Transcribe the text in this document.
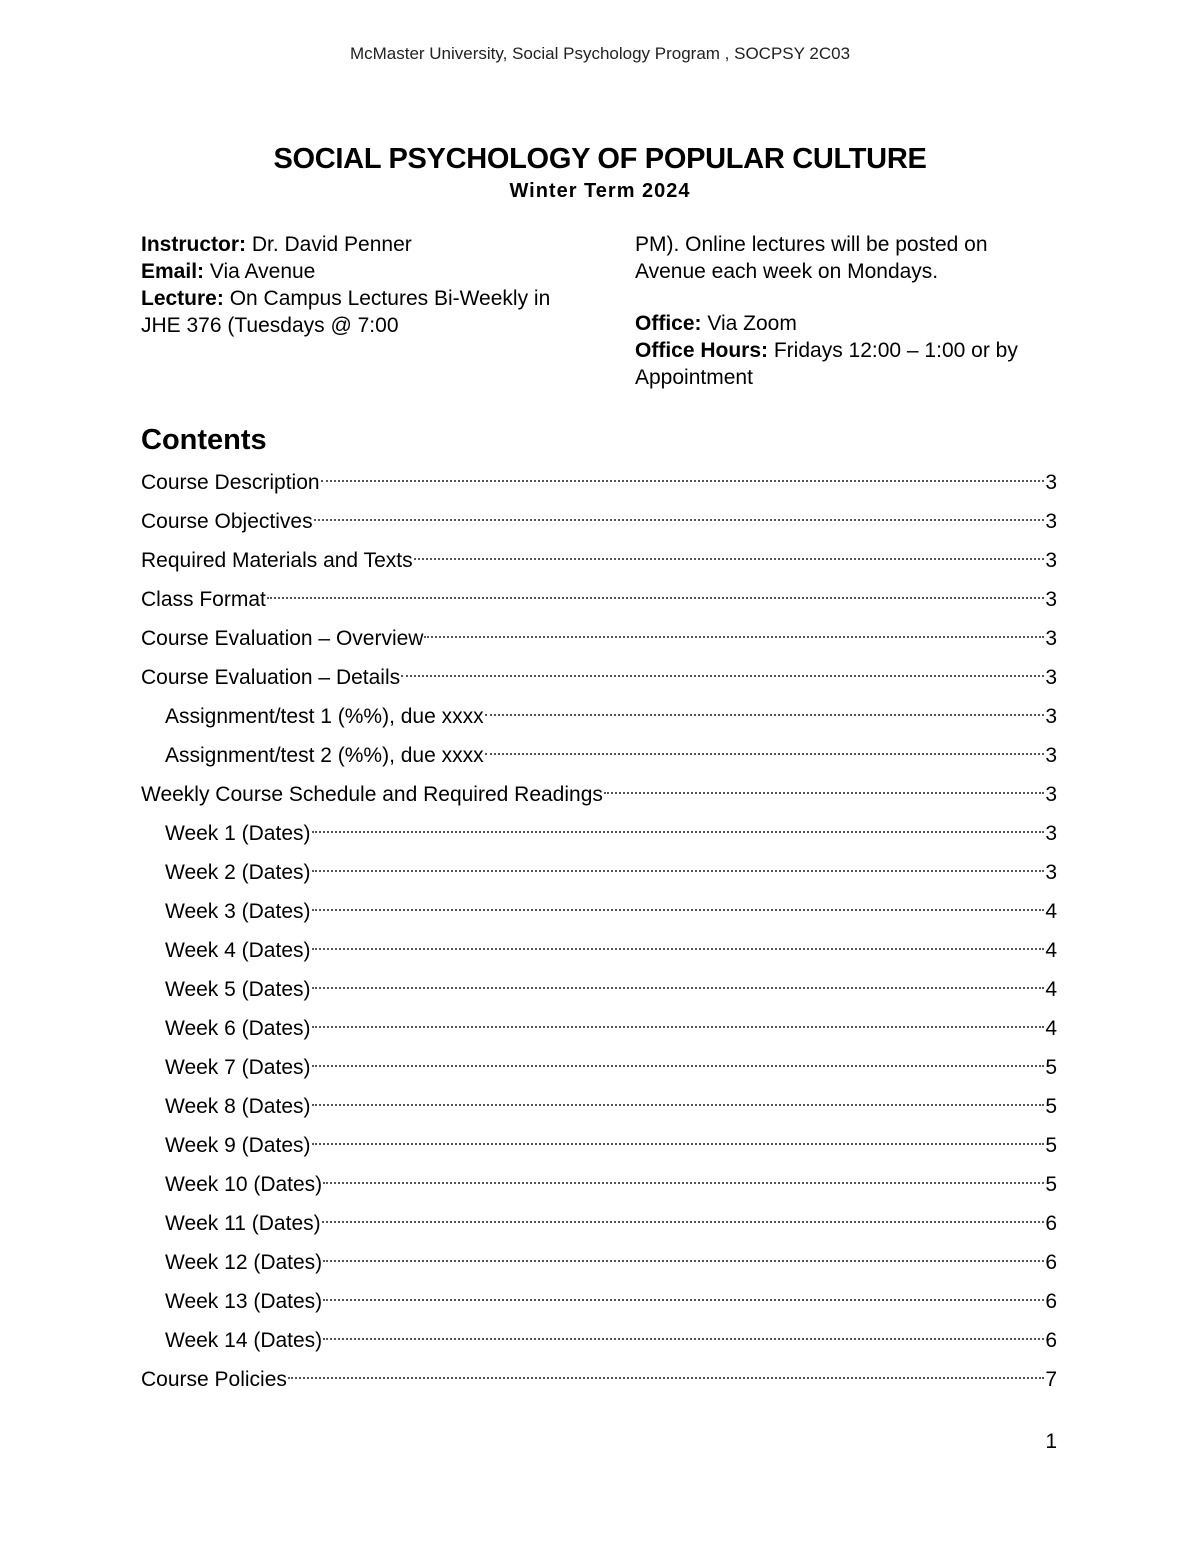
McMaster University, Social Psychology Program , SOCPSY 2C03
SOCIAL PSYCHOLOGY OF POPULAR CULTURE
Winter Term 2024
Instructor: Dr. David Penner
Email: Via Avenue
Lecture: On Campus Lectures Bi-Weekly in JHE 376 (Tuesdays @ 7:00
PM). Online lectures will be posted on Avenue each week on Mondays.
Office: Via Zoom
Office Hours: Fridays 12:00 – 1:00 or by Appointment
Contents
Course Description	3
Course Objectives	3
Required Materials and Texts	3
Class Format	3
Course Evaluation – Overview	3
Course Evaluation – Details	3
Assignment/test 1 (%%), due xxxx	3
Assignment/test 2 (%%), due xxxx	3
Weekly Course Schedule and Required Readings	3
Week 1 (Dates)	3
Week 2 (Dates)	3
Week 3 (Dates)	4
Week 4 (Dates)	4
Week 5 (Dates)	4
Week 6 (Dates)	4
Week 7 (Dates)	5
Week 8 (Dates)	5
Week 9 (Dates)	5
Week 10 (Dates)	5
Week 11 (Dates)	6
Week 12 (Dates)	6
Week 13 (Dates)	6
Week 14 (Dates)	6
Course Policies	7
1
